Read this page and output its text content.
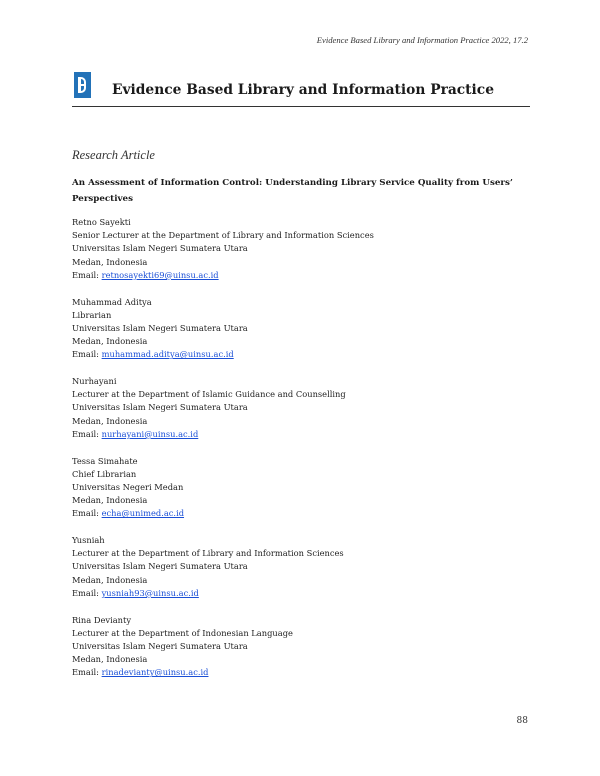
Evidence Based Library and Information Practice 2022, 17.2
Evidence Based Library and Information Practice
Research Article
An Assessment of Information Control: Understanding Library Service Quality from Users’ Perspectives
Retno Sayekti
Senior Lecturer at the Department of Library and Information Sciences
Universitas Islam Negeri Sumatera Utara
Medan, Indonesia
Email: retnosayekti69@uinsu.ac.id
Muhammad Aditya
Librarian
Universitas Islam Negeri Sumatera Utara
Medan, Indonesia
Email: muhammad.aditya@uinsu.ac.id
Nurhayani
Lecturer at the Department of Islamic Guidance and Counselling
Universitas Islam Negeri Sumatera Utara
Medan, Indonesia
Email: nurhayani@uinsu.ac.id
Tessa Simahate
Chief Librarian
Universitas Negeri Medan
Medan, Indonesia
Email: echa@unimed.ac.id
Yusniah
Lecturer at the Department of Library and Information Sciences
Universitas Islam Negeri Sumatera Utara
Medan, Indonesia
Email: yusniah93@uinsu.ac.id
Rina Devianty
Lecturer at the Department of Indonesian Language
Universitas Islam Negeri Sumatera Utara
Medan, Indonesia
Email: rinadevianty@uinsu.ac.id
88
